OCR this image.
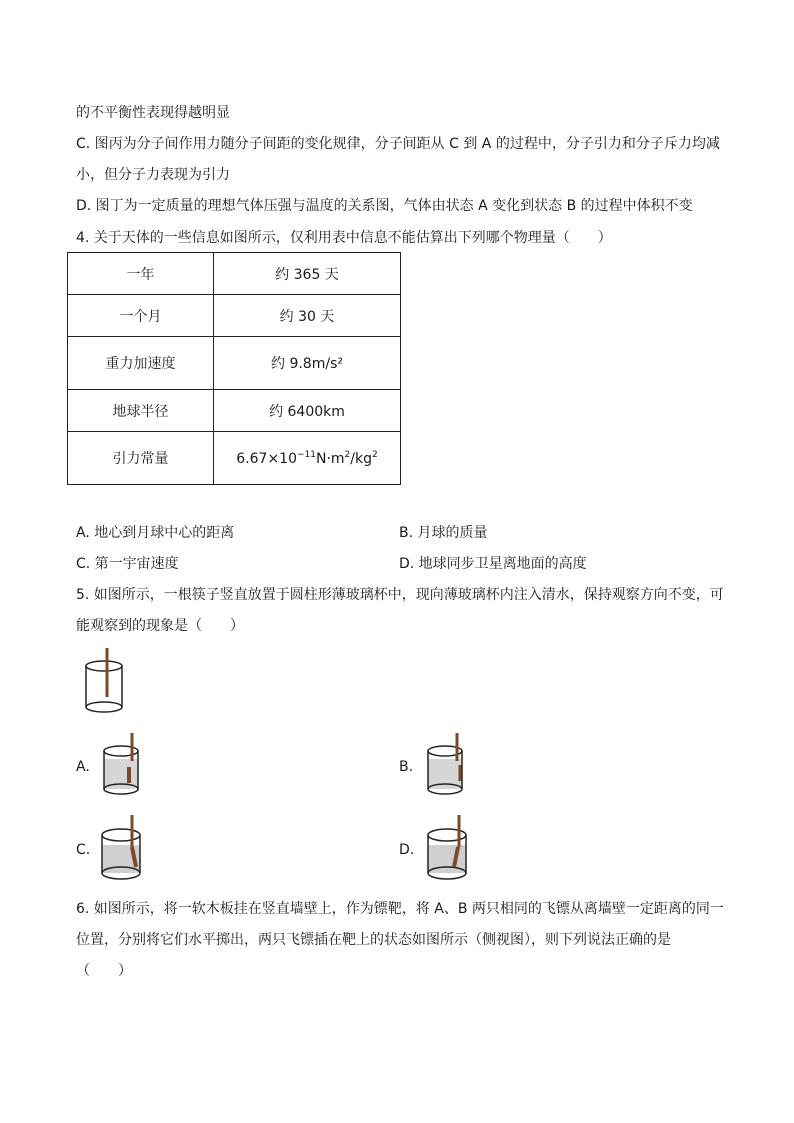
的不平衡性表现得越明显
C. 图丙为分子间作用力随分子间距的变化规律，分子间距从 C 到 A 的过程中，分子引力和分子斥力均减
小，但分子力表现为引力
D. 图丁为一定质量的理想气体压强与温度的关系图，气体由状态 A 变化到状态 B 的过程中体积不变
4. 关于天体的一些信息如图所示，仅利用表中信息不能估算出下列哪个物理量（　　）
一年	约 365 天
一个月	约 30 天
重力加速度	约 9.8m/s²
地球半径	约 6400km
引力常量	$6.67\times 10^{-11}N\cdot m^2/kg^2$
A. 地心到月球中心的距离	B. 月球的质量
C. 第一宇宙速度	D. 地球同步卫星离地面的高度
5. 如图所示，一根筷子竖直放置于圆柱形薄玻璃杯中，现向薄玻璃杯内注入清水，保持观察方向不变，可
能观察到的现象是（　　）
A.	B.
C.	D.
6. 如图所示，将一软木板挂在竖直墙壁上，作为镖靶，将 A、B 两只相同的飞镖从离墙壁一定距离的同一
位置，分别将它们水平掷出，两只飞镖插在靶上的状态如图所示（侧视图），则下列说法正确的是
（　　）
